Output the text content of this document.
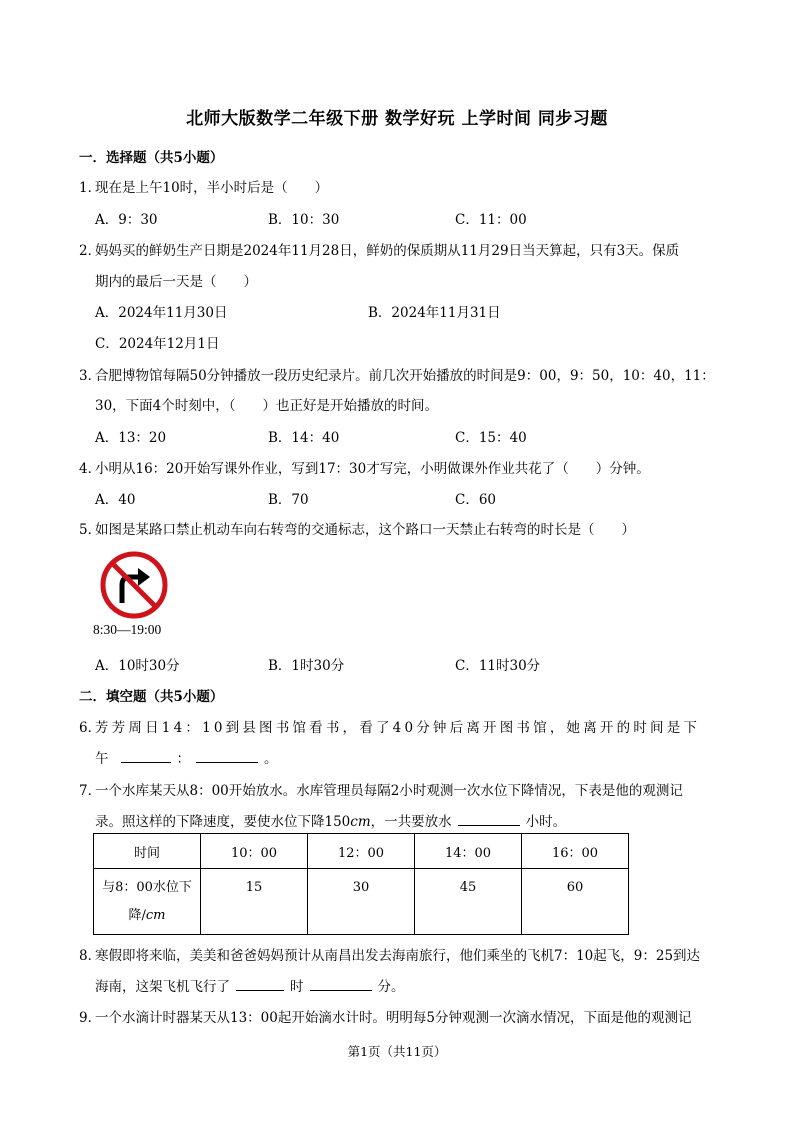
北师大版数学二年级下册 数学好玩 上学时间 同步习题
一．选择题（共5小题）
1．
现在是上午10时，半小时后是（　　）
A．9：30	B．10：30	C．11：00
2．
妈妈买的鲜奶生产日期是2024年11月28日，鲜奶的保质期从11月29日当天算起，只有3天。保质
期内的最后一天是（　　）
A．2024年11月30日	B．2024年11月31日
C．2024年12月1日
3．
合肥博物馆每隔50分钟播放一段历史纪录片。前几次开始播放的时间是9：00，9：50，10：40，11：
30，下面4个时刻中，（　　）也正好是开始播放的时间。
A．13：20	B．14：40	C．15：40
4．
小明从16：20开始写课外作业，写到17：30才写完，小明做课外作业共花了（　　）分钟。
A．40	B．70	C．60
5．
如图是某路口禁止机动车向右转弯的交通标志，这个路口一天禁止右转弯的时长是（　　）
8:30—19:00
A．10时30分	B．1时30分	C．11时30分
二．填空题（共5小题）
6．
芳芳周日14：10到县图书馆看书，看了40分钟后离开图书馆，她离开的时间是下
午	：	。
7．
一个水库某天从8：00开始放水。水库管理员每隔2小时观测一次水位下降情况，下表是他的观测记
录。照这样的下降速度，要使水位下降150cm，一共要放水	小时。
时间	10：00	12：00	14：00	16：00
与8：00水位下
降/cm	15	30	45	60
8．
寒假即将来临，美美和爸爸妈妈预计从南昌出发去海南旅行，他们乘坐的飞机7：10起飞，9：25到达
海南，这架飞机飞行了	时	分。
9．
一个水滴计时器某天从13：00起开始滴水计时。明明每5分钟观测一次滴水情况，下面是他的观测记
第1页（共11页）
